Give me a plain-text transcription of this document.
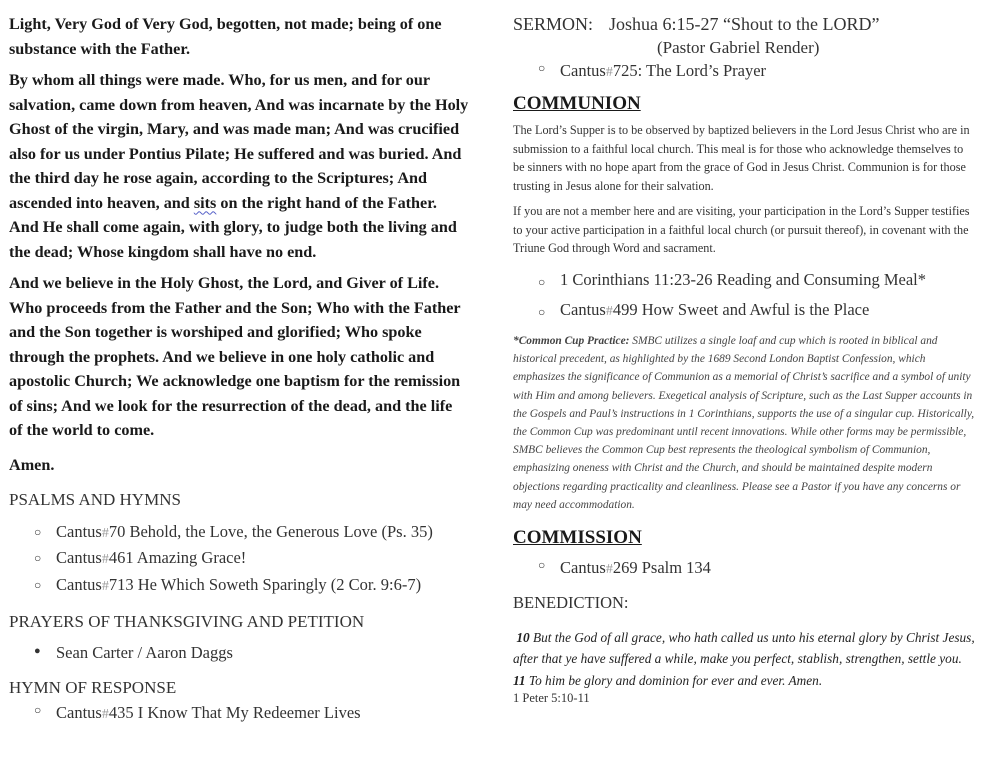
Light, Very God of Very God, begotten, not made; being of one substance with the Father.

By whom all things were made. Who, for us men, and for our salvation, came down from heaven, And was incarnate by the Holy Ghost of the virgin, Mary, and was made man; And was crucified also for us under Pontius Pilate; He suffered and was buried. And the third day he rose again, according to the Scriptures; And ascended into heaven, and sits on the right hand of the Father. And He shall come again, with glory, to judge both the living and the dead; Whose kingdom shall have no end.

And we believe in the Holy Ghost, the Lord, and Giver of Life. Who proceeds from the Father and the Son; Who with the Father and the Son together is worshiped and glorified; Who spoke through the prophets. And we believe in one holy catholic and apostolic Church; We acknowledge one baptism for the remission of sins; And we look for the resurrection of the dead, and the life of the world to come.

Amen.

PSALMS AND HYMNS

○
Cantus#70 Behold, the Love, the Generous Love (Ps. 35)
○
Cantus#461 Amazing Grace!
○
Cantus#713 He Which Soweth Sparingly (2 Cor. 9:6-7)

PRAYERS OF THANKSGIVING AND PETITION

●
Sean Carter / Aaron Daggs

HYMN OF RESPONSE

○
Cantus#435 I Know That My Redeemer Lives
SERMON: Joshua 6:15-27 “Shout to the LORD”
(Pastor Gabriel Render)
○
Cantus#725: The Lord’s Prayer

COMMUNION

The Lord’s Supper is to be observed by baptized believers in the Lord Jesus Christ who are in submission to a faithful local church. This meal is for those who acknowledge themselves to be sinners with no hope apart from the grace of God in Jesus Christ. Communion is for those trusting in Jesus alone for their salvation.

If you are not a member here and are visiting, your participation in the Lord’s Supper testifies to your active participation in a faithful local church (or pursuit thereof), in covenant with the Triune God through Word and sacrament.

○
1 Corinthians 11:23-26 Reading and Consuming Meal*
○
Cantus#499 How Sweet and Awful is the Place

*Common Cup Practice: SMBC utilizes a single loaf and cup which is rooted in biblical and historical precedent, as highlighted by the 1689 Second London Baptist Confession, which emphasizes the significance of Communion as a memorial of Christ’s sacrifice and a symbol of unity with Him and among believers. Exegetical analysis of Scripture, such as the Last Supper accounts in the Gospels and Paul’s instructions in 1 Corinthians, supports the use of a singular cup. Historically, the Common Cup was predominant until recent innovations. While other forms may be permissible, SMBC believes the Common Cup best represents the theological symbolism of Communion, emphasizing oneness with Christ and the Church, and should be maintained despite modern objections regarding practicality and cleanliness. Please see a Pastor if you have any concerns or may need accommodation.

COMMISSION

○
Cantus#269 Psalm 134

BENEDICTION:

10 But the God of all grace, who hath called us unto his eternal glory by Christ Jesus, after that ye have suffered a while, make you perfect, stablish, strengthen, settle you. 11 To him be glory and dominion for ever and ever. Amen.

1 Peter 5:10-11
